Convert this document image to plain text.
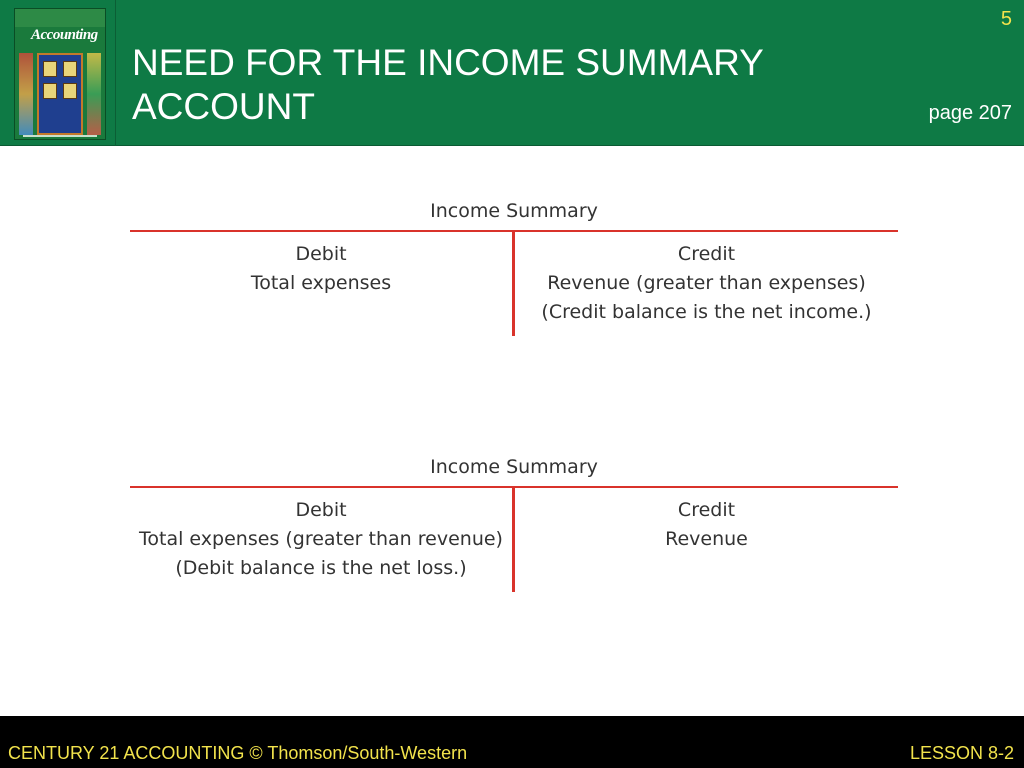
Accounting
NEED FOR THE INCOME SUMMARY
ACCOUNT
5
page 207
Income Summary
Debit
Total expenses
Credit
Revenue (greater than expenses)
(Credit balance is the net income.)
Income Summary
Debit
Total expenses (greater than revenue)
(Debit balance is the net loss.)
Credit
Revenue
CENTURY 21 ACCOUNTING © Thomson/South-Western	LESSON 8-2
